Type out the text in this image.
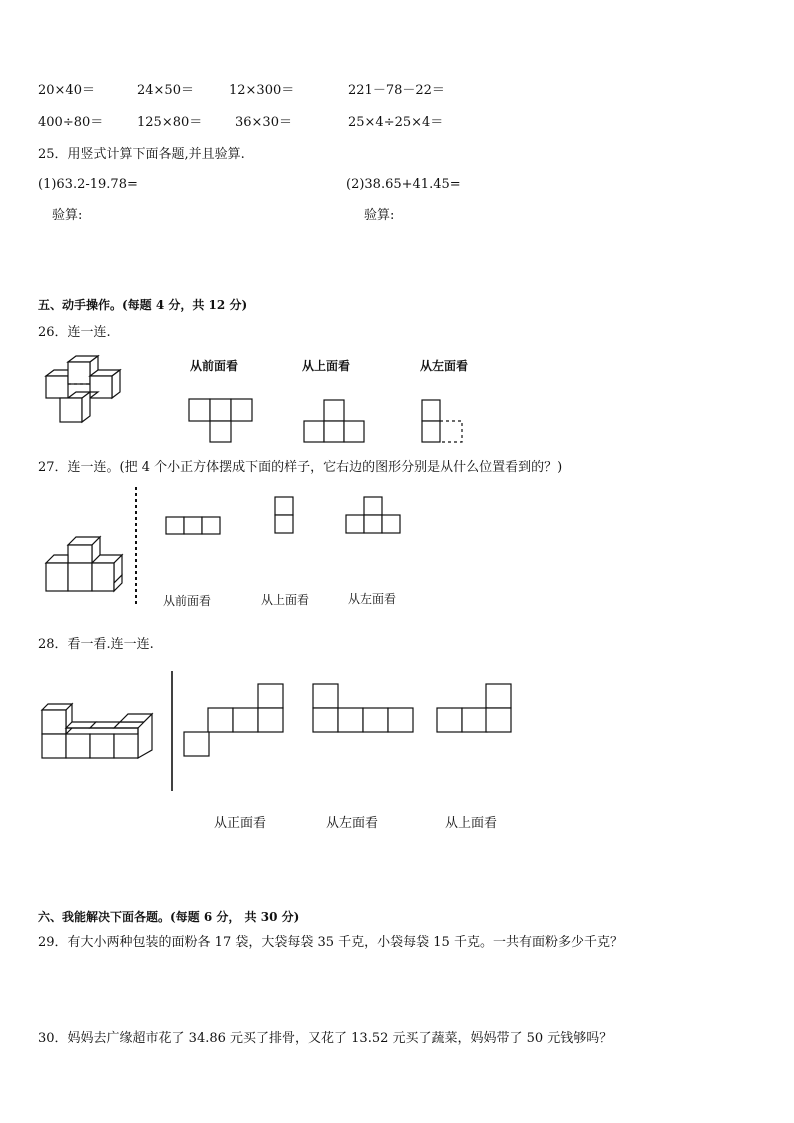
20×40＝	24×50＝	12×300＝	221－78－22＝
400÷80＝	125×80＝	36×30＝	25×4÷25×4＝
25．用竖式计算下面各题,并且验算.
(1)63.2-19.78=	(2)38.65+41.45=
验算:	验算:
五、动手操作。(每题 4 分，共 12 分)
26．连一连.
从前面看	从上面看	从左面看
27．连一连。(把 4 个小正方体摆成下面的样子，它右边的图形分别是从什么位置看到的？)
从前面看	从上面看	从左面看
28．看一看.连一连.
从正面看	从左面看	从上面看
六、我能解决下面各题。(每题 6 分， 共 30 分)
29．有大小两种包装的面粉各 17 袋，大袋每袋 35 千克，小袋每袋 15 千克。一共有面粉多少千克？
30．妈妈去广缘超市花了 34.86 元买了排骨，又花了 13.52 元买了蔬菜，妈妈带了 50 元钱够吗？
